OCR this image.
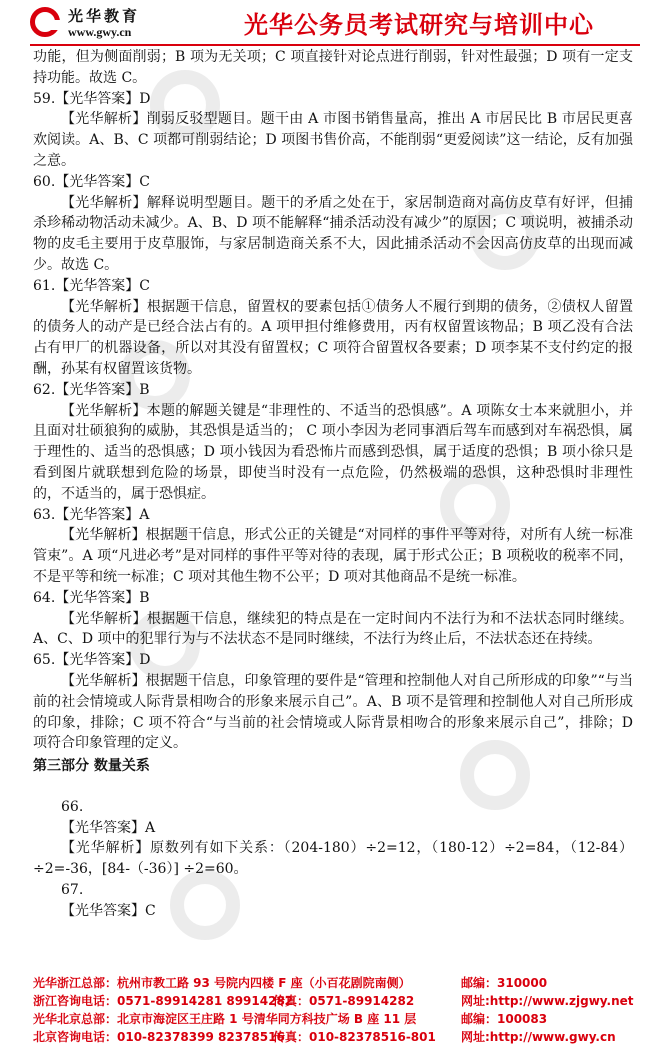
光华教育
www.gwy.cn	光华公务员考试研究与培训中心

功能，但为侧面削弱；B 项为无关项；C 项直接针对论点进行削弱，针对性最强；D 项有一定支持功能。故选 C。

59.【光华答案】D

【光华解析】削弱反驳型题目。题干由 A 市图书销售量高，推出 A 市居民比 B 市居民更喜欢阅读。A、B、C 项都可削弱结论；D 项图书售价高，不能削弱“更爱阅读”这一结论，反有加强之意。

60.【光华答案】C

【光华解析】解释说明型题目。题干的矛盾之处在于，家居制造商对高仿皮草有好评，但捕杀珍稀动物活动未减少。A、B、D 项不能解释“捕杀活动没有减少”的原因；C 项说明，被捕杀动物的皮毛主要用于皮草服饰，与家居制造商关系不大，因此捕杀活动不会因高仿皮草的出现而减少。故选 C。

61.【光华答案】C

【光华解析】根据题干信息，留置权的要素包括①债务人不履行到期的债务，②债权人留置的债务人的动产是已经合法占有的。A 项甲担付维修费用，丙有权留置该物品；B 项乙没有合法占有甲厂的机器设备，所以对其没有留置权；C 项符合留置权各要素；D 项李某不支付约定的报酬，孙某有权留置该货物。

62.【光华答案】B

【光华解析】本题的解题关键是“非理性的、不适当的恐惧感”。A 项陈女士本来就胆小，并且面对壮硕狼狗的威胁，其恐惧是适当的； C 项小李因为老同事酒后驾车而感到对车祸恐惧，属于理性的、适当的恐惧感；D 项小钱因为看恐怖片而感到恐惧，属于适度的恐惧；B 项小徐只是看到图片就联想到危险的场景，即使当时没有一点危险，仍然极端的恐惧，这种恐惧时非理性的，不适当的，属于恐惧症。

63.【光华答案】A

【光华解析】根据题干信息，形式公正的关键是“对同样的事件平等对待，对所有人统一标准管束”。A 项“凡进必考”是对同样的事件平等对待的表现，属于形式公正；B 项税收的税率不同，不是平等和统一标准；C 项对其他生物不公平；D 项对其他商品不是统一标准。

64.【光华答案】B

【光华解析】根据题干信息，继续犯的特点是在一定时间内不法行为和不法状态同时继续。A、C、D 项中的犯罪行为与不法状态不是同时继续，不法行为终止后，不法状态还在持续。

65.【光华答案】D

【光华解析】根据题干信息，印象管理的要件是“管理和控制他人对自己所形成的印象”“与当前的社会情境或人际背景相吻合的形象来展示自己”。A、B 项不是管理和控制他人对自己所形成的印象，排除；C 项不符合“与当前的社会情境或人际背景相吻合的形象来展示自己”，排除；D 项符合印象管理的定义。

第三部分 数量关系

66.

【光华答案】A

【光华解析】原数列有如下关系：（204-180）÷2=12，（180-12）÷2=84，（12-84）÷2=-36，[84-（-36）] ÷2=60。

67.

【光华答案】C

光华浙江总部：杭州市教工路 93 号院内四楼 F 座（小百花剧院南侧）	邮编：310000
浙江咨询电话：0571-89914281 89914282
传真：0571-89914282	网址:http://www.zjgwy.net
光华北京总部：北京市海淀区王庄路 1 号清华同方科技广场 B 座 11 层	邮编：100083
北京咨询电话：010-82378399 82378516
传真：010-82378516-801 网址:http://www.gwy.cn
